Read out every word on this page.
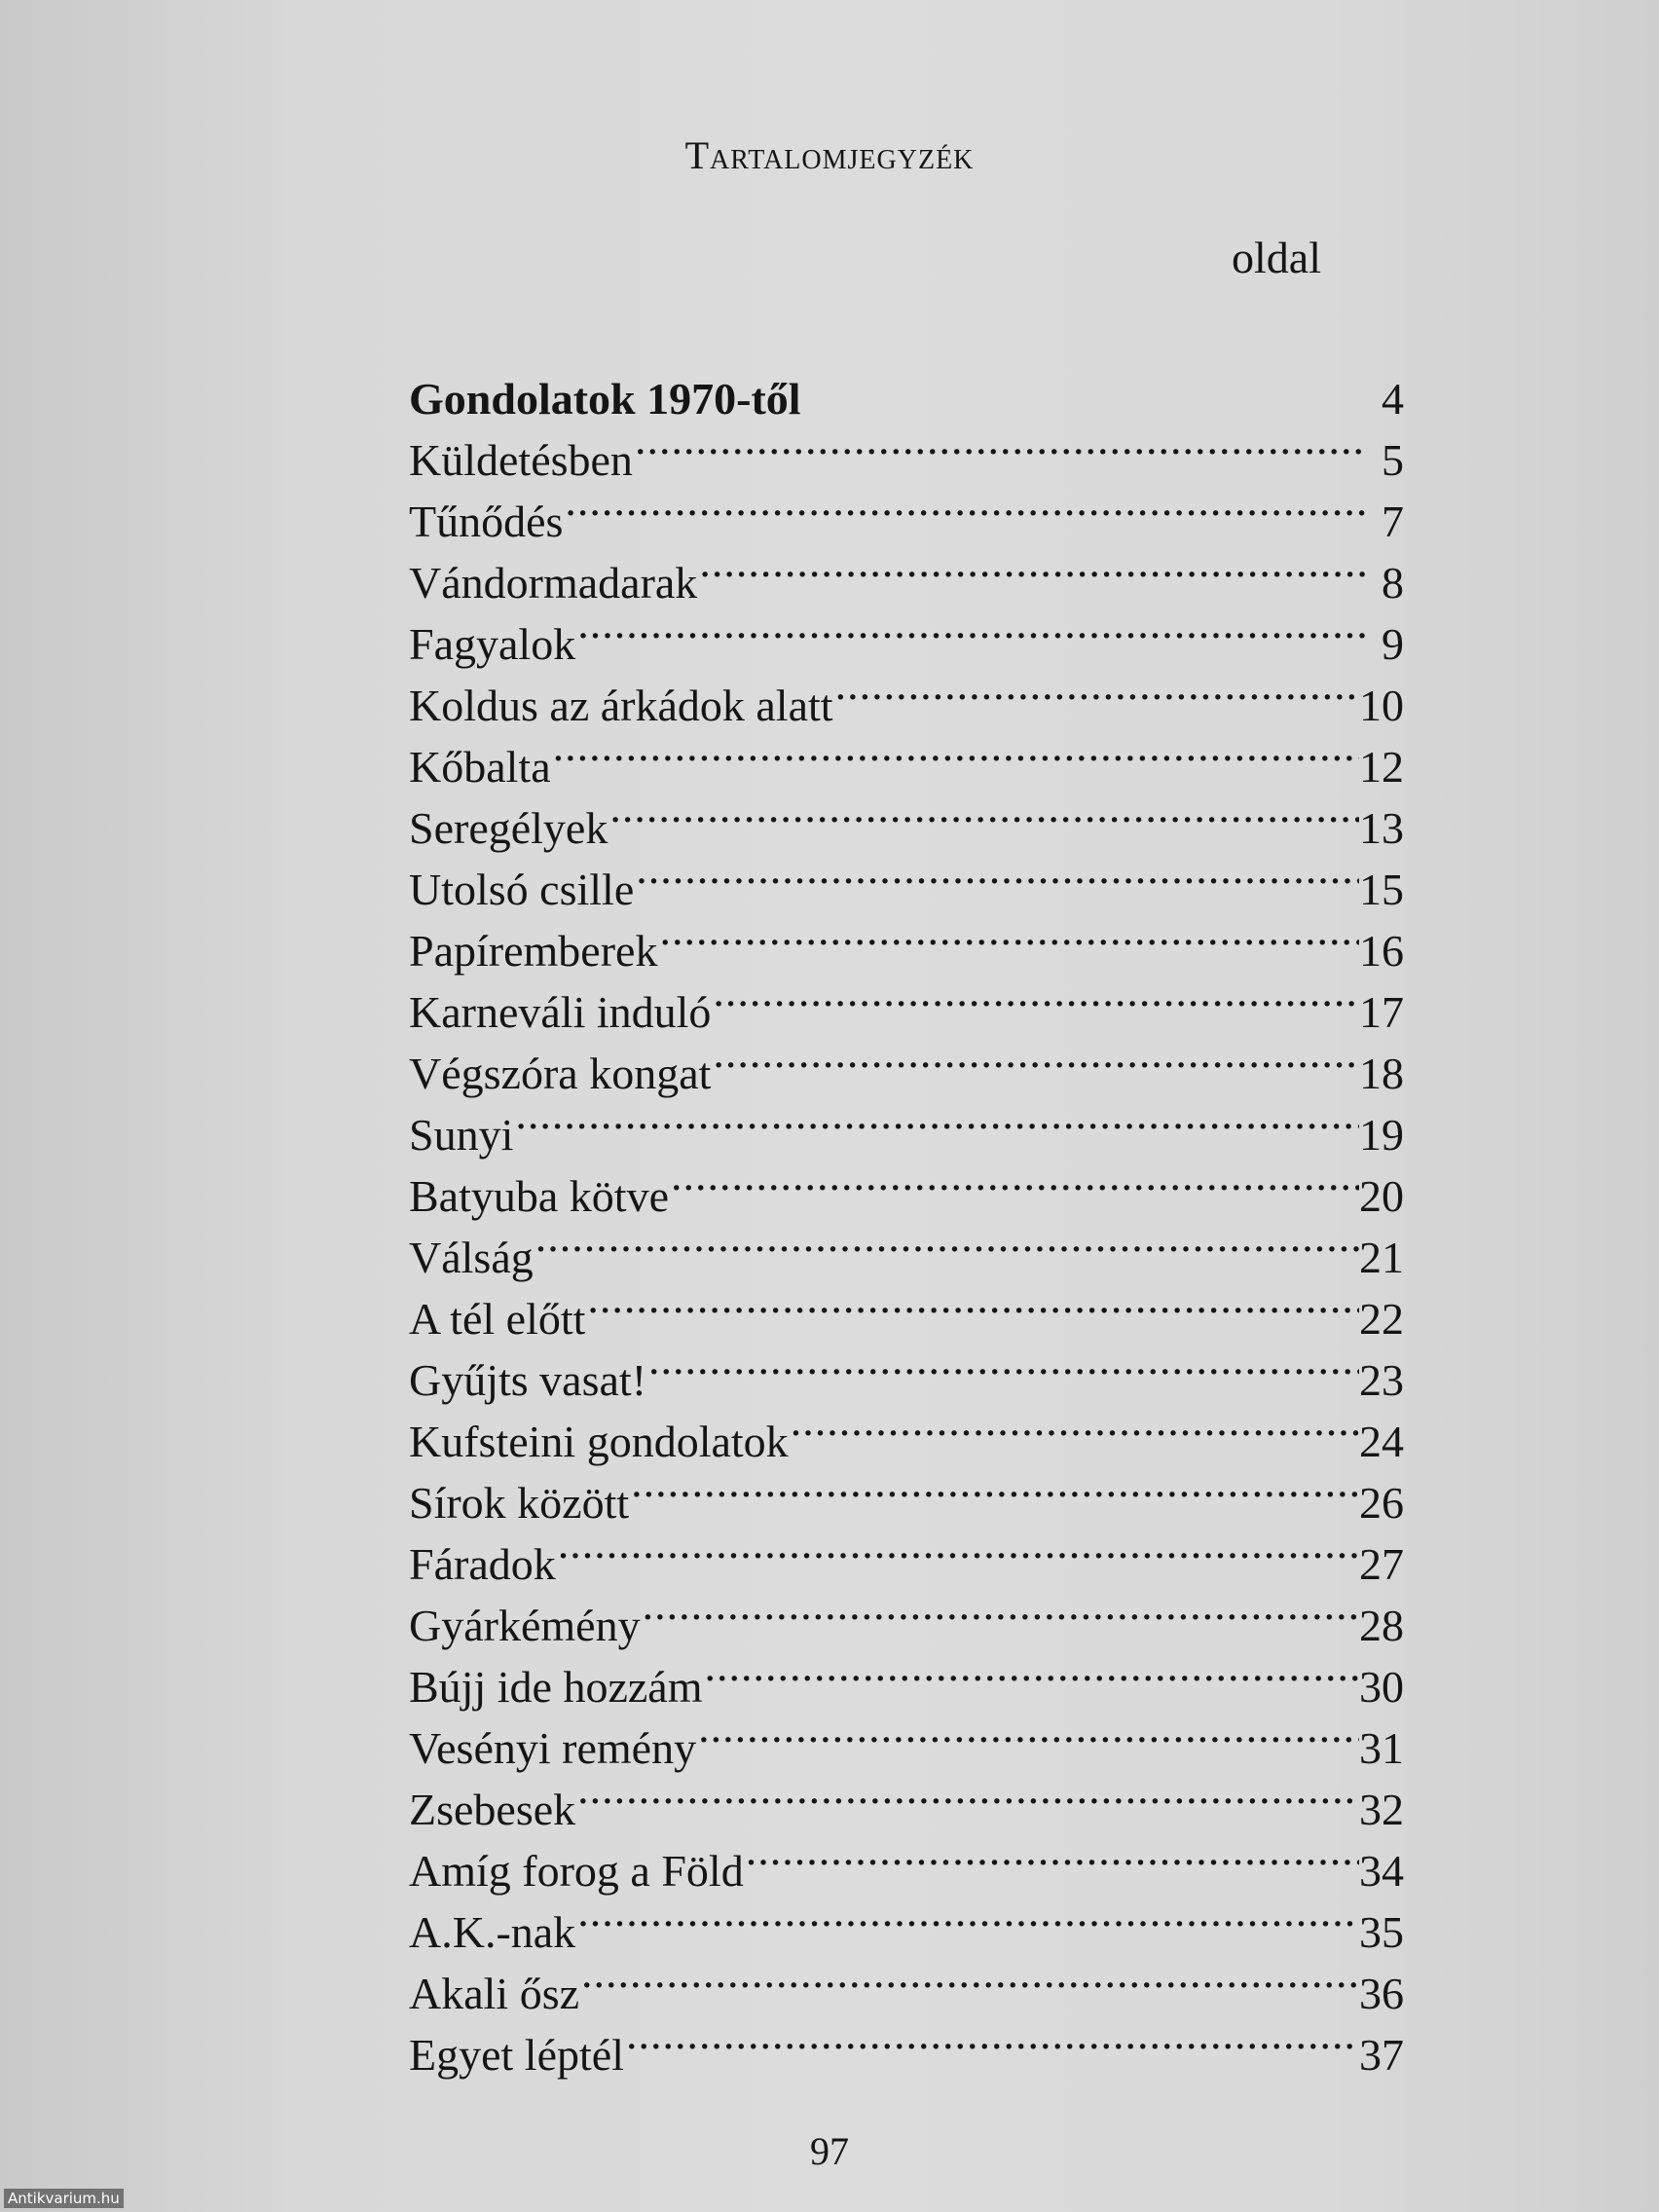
Tartalomjegyzék
oldal
Gondolatok 1970-től	4
Küldetésben .....	5
Tűnődés .....	7
Vándormadarak .....	8
Fagyalok .....	9
Koldus az árkádok alatt .....	10
Kőbalta .....	12
Seregélyek .....	13
Utolsó csille .....	15
Papíremberek .....	16
Karneváli induló .....	17
Végszóra kongat .....	18
Sunyi .....	19
Batyuba kötve .....	20
Válság .....	21
A tél előtt .....	22
Gyűjts vasat! .....	23
Kufsteini gondolatok .....	24
Sírok között .....	26
Fáradok .....	27
Gyárkémény .....	28
Bújj ide hozzám .....	30
Vesényi remény .....	31
Zsebesek .....	32
Amíg forog a Föld .....	34
A.K.-nak .....	35
Akali ősz .....	36
Egyet léptél .....	37
97
Antikvarium.hu
